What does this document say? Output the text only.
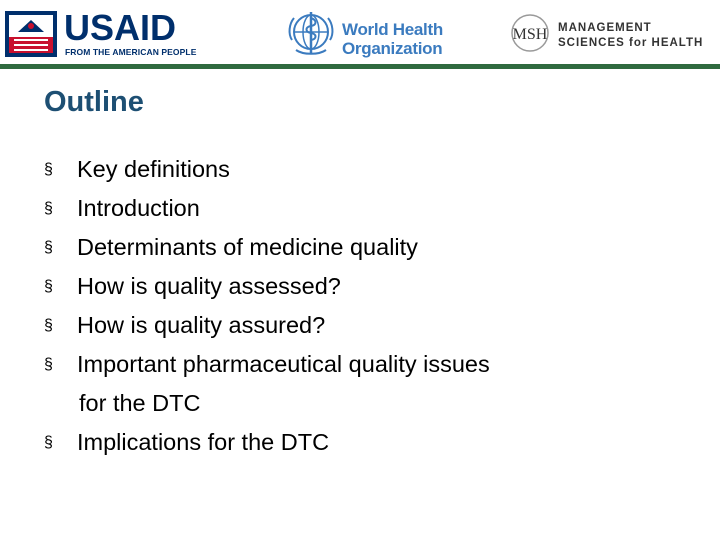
USAID
FROM THE AMERICAN PEOPLE
World Health
Organization
MSH MANAGEMENT
SCIENCES for HEALTH
Outline
§	Key definitions
§	Introduction
§	Determinants of medicine quality
§	How is quality assessed?
§	How is quality assured?
§	Important pharmaceutical quality issues
for the DTC
§	Implications for the DTC
